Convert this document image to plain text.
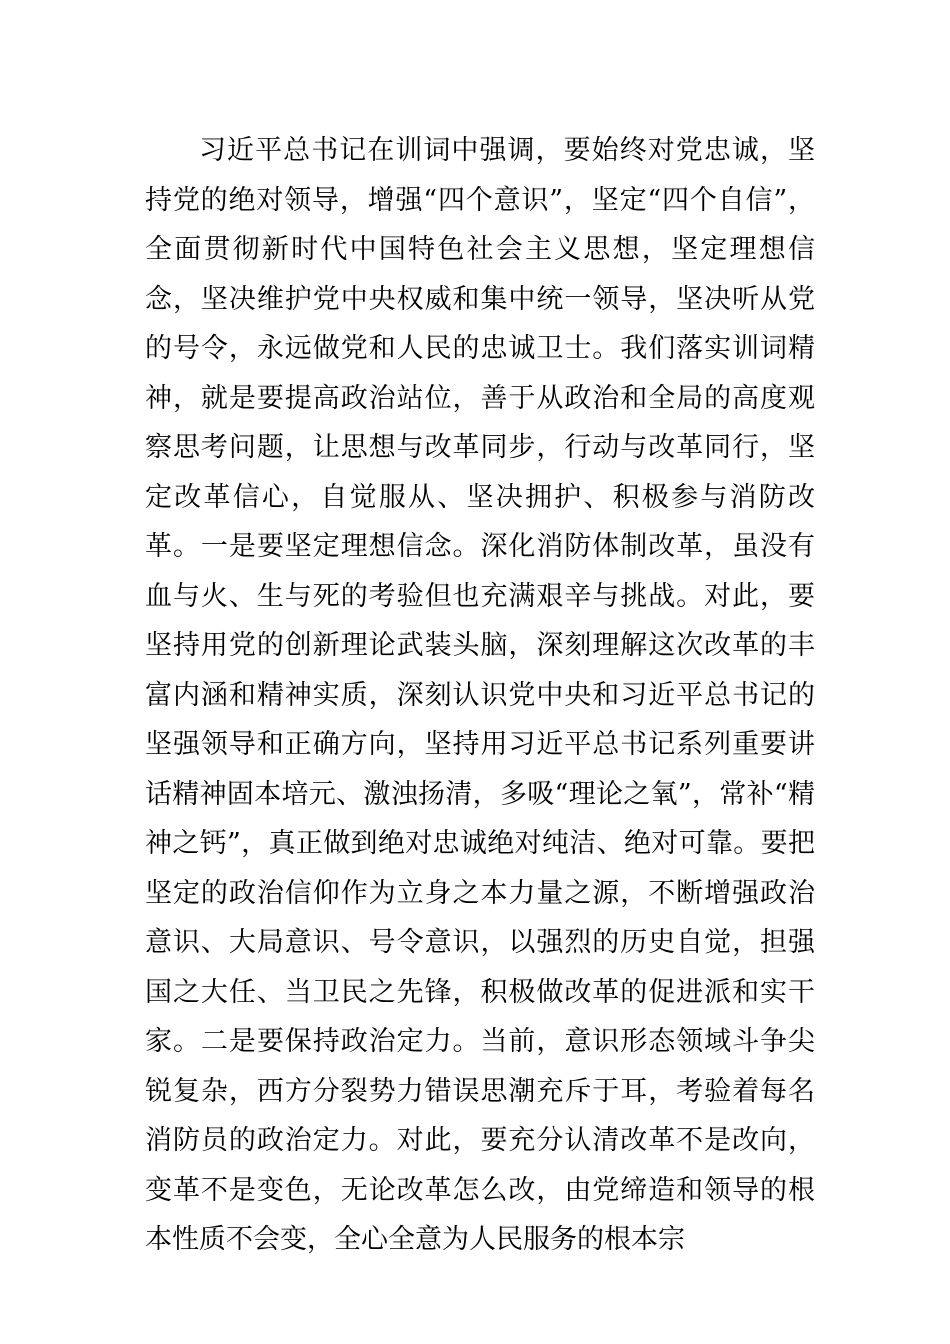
习近平总书记在训词中强调，要始终对党忠诚，坚持党的绝对领导，增强“四个意识”，坚定“四个自信”，全面贯彻新时代中国特色社会主义思想，坚定理想信念，坚决维护党中央权威和集中统一领导，坚决听从党的号令，永远做党和人民的忠诚卫士。我们落实训词精神，就是要提高政治站位，善于从政治和全局的高度观察思考问题，让思想与改革同步，行动与改革同行，坚定改革信心，自觉服从、坚决拥护、积极参与消防改革。一是要坚定理想信念。深化消防体制改革，虽没有血与火、生与死的考验但也充满艰辛与挑战。对此，要坚持用党的创新理论武装头脑，深刻理解这次改革的丰富内涵和精神实质，深刻认识党中央和习近平总书记的坚强领导和正确方向，坚持用习近平总书记系列重要讲话精神固本培元、激浊扬清，多吸“理论之氧”，常补“精神之钙”，真正做到绝对忠诚绝对纯洁、绝对可靠。要把坚定的政治信仰作为立身之本力量之源，不断增强政治意识、大局意识、号令意识，以强烈的历史自觉，担强国之大任、当卫民之先锋，积极做改革的促进派和实干家。二是要保持政治定力。当前，意识形态领域斗争尖锐复杂，西方分裂势力错误思潮充斥于耳，考验着每名消防员的政治定力。对此，要充分认清改革不是改向，变革不是变色，无论改革怎么改，由党缔造和领导的根本性质不会变，全心全意为人民服务的根本宗
